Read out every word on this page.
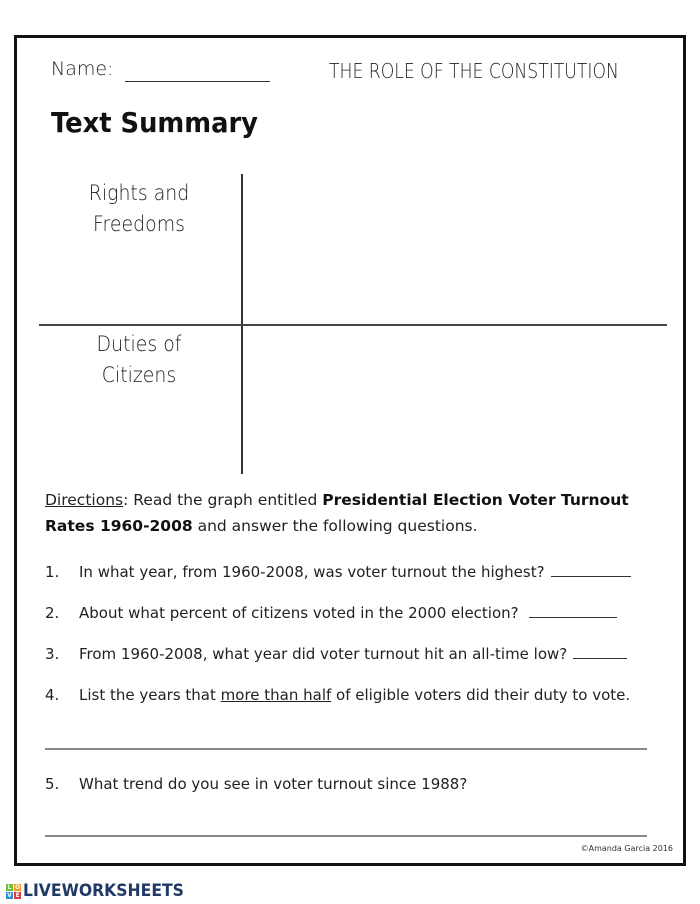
Name:	THE ROLE OF THE CONSTITUTION
Text Summary
Rights and
Freedoms
Duties of
Citizens
Directions: Read the graph entitled Presidential Election Voter Turnout Rates 1960-2008 and answer the following questions.
1. In what year, from 1960-2008, was voter turnout the highest?
2. About what percent of citizens voted in the 2000 election?
3. From 1960-2008, what year did voter turnout hit an all-time low?
4. List the years that more than half of eligible voters did their duty to vote.
5. What trend do you see in voter turnout since 1988?
©Amanda Garcia 2016
L O
V E LIVEWORKSHEETS
